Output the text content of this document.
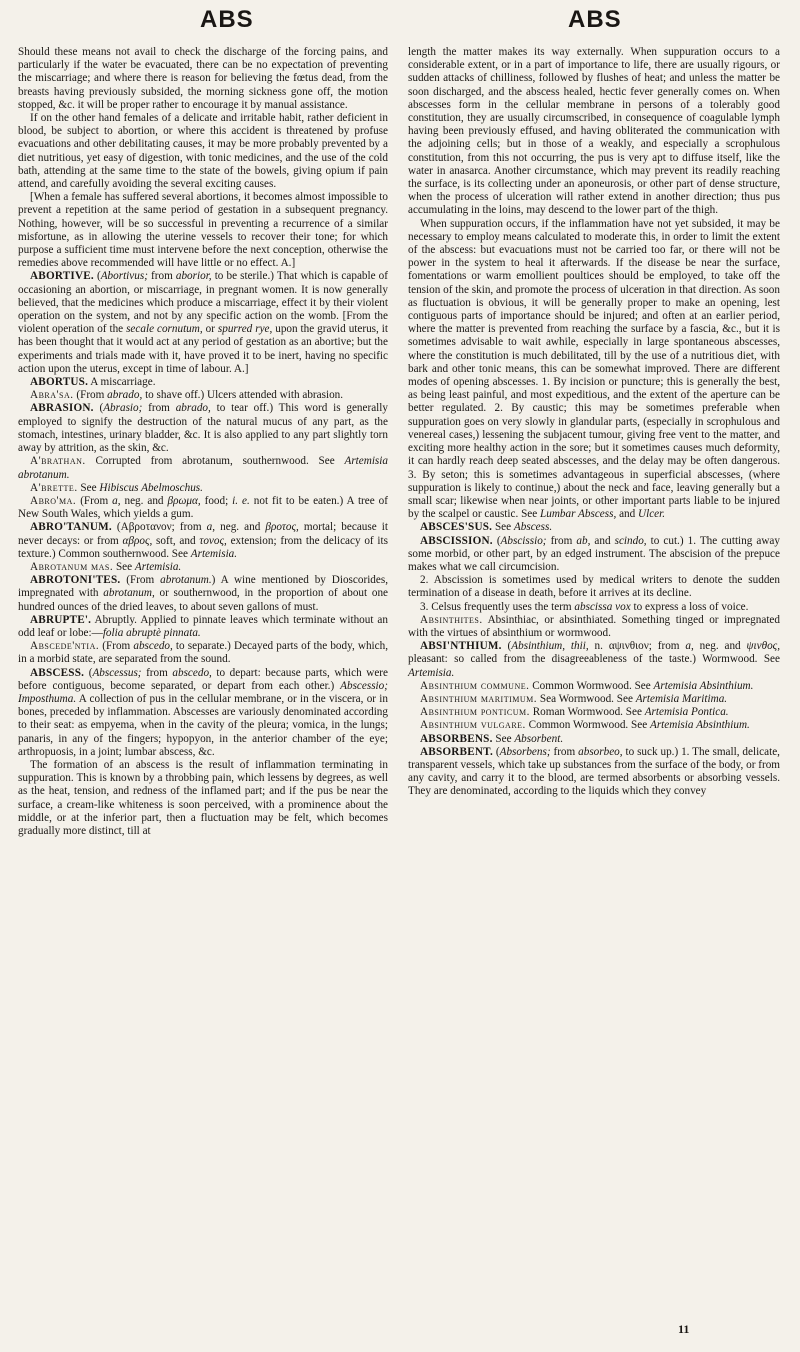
ABS	ABS

Should these means not avail to check the discharge of the forcing pains, and particularly if the water be evacuated, there can be no expectation of preventing the miscarriage; and where there is reason for believing the fœtus dead, from the breasts having previously subsided, the morning sickness gone off, the motion stopped, &c. it will be proper rather to encourage it by manual assistance.

If on the other hand females of a delicate and irritable habit, rather deficient in blood, be subject to abortion, or where this accident is threatened by profuse evacuations and other debilitating causes, it may be more probably prevented by a diet nutritious, yet easy of digestion, with tonic medicines, and the use of the cold bath, attending at the same time to the state of the bowels, giving opium if pain attend, and carefully avoiding the several exciting causes.

[When a female has suffered several abortions, it becomes almost impossible to prevent a repetition at the same period of gestation in a subsequent pregnancy. Nothing, however, will be so successful in preventing a recurrence of a similar misfortune, as in allowing the uterine vessels to recover their tone; for which purpose a sufficient time must intervene before the next conception, otherwise the remedies above recommended will have little or no effect. A.]

ABORTIVE. (Abortivus; from aborior, to be sterile.) That which is capable of occasioning an abortion, or miscarriage, in pregnant women. It is now generally believed, that the medicines which produce a miscarriage, effect it by their violent operation on the system, and not by any specific action on the womb. [From the violent operation of the secale cornutum, or spurred rye, upon the gravid uterus, it has been thought that it would act at any period of gestation as an abortive; but the experiments and trials made with it, have proved it to be inert, having no specific action upon the uterus, except in time of labour. A.]

ABORTUS. A miscarriage.

Abra'sa. (From abrado, to shave off.) Ulcers attended with abrasion.

ABRASION. (Abrasio; from abrado, to tear off.) This word is generally employed to signify the destruction of the natural mucus of any part, as the stomach, intestines, urinary bladder, &c. It is also applied to any part slightly torn away by attrition, as the skin, &c.

A'brathan. Corrupted from abrotanum, southernwood. See Artemisia abrotanum.

A'brette. See Hibiscus Abelmoschus.

Abro'ma. (From a, neg. and βρωμα, food; i. e. not fit to be eaten.) A tree of New South Wales, which yields a gum.

ABRO'TANUM. (Αβροτανον; from a, neg. and βροτος, mortal; because it never decays: or from αβρος, soft, and τονος, extension; from the delicacy of its texture.) Common southernwood. See Artemisia.

Abrotanum mas. See Artemisia.

ABROTONI'TES. (From abrotanum.) A wine mentioned by Dioscorides, impregnated with abrotanum, or southernwood, in the proportion of about one hundred ounces of the dried leaves, to about seven gallons of must.

ABRUPTE'. Abruptly. Applied to pinnate leaves which terminate without an odd leaf or lobe:—folia abruptè pinnata.

Abscede'ntia. (From abscedo, to separate.) Decayed parts of the body, which, in a morbid state, are separated from the sound.

ABSCESS. (Abscessus; from abscedo, to depart: because parts, which were before contiguous, become separated, or depart from each other.) Abscessio; Imposthuma. A collection of pus in the cellular membrane, or in the viscera, or in bones, preceded by inflammation. Abscesses are variously denominated according to their seat: as empyema, when in the cavity of the pleura; vomica, in the lungs; panaris, in any of the fingers; hypopyon, in the anterior chamber of the eye; arthropuosis, in a joint; lumbar abscess, &c.

The formation of an abscess is the result of inflammation terminating in suppuration. This is known by a throbbing pain, which lessens by degrees, as well as the heat, tension, and redness of the inflamed part; and if the pus be near the surface, a cream-like whiteness is soon perceived, with a prominence about the middle, or at the inferior part, then a fluctuation may be felt, which becomes gradually more distinct, till at

length the matter makes its way externally. When suppuration occurs to a considerable extent, or in a part of importance to life, there are usually rigours, or sudden attacks of chilliness, followed by flushes of heat; and unless the matter be soon discharged, and the abscess healed, hectic fever generally comes on. When abscesses form in the cellular membrane in persons of a tolerably good constitution, they are usually circumscribed, in consequence of coagulable lymph having been previously effused, and having obliterated the communication with the adjoining cells; but in those of a weakly, and especially a scrophulous constitution, from this not occurring, the pus is very apt to diffuse itself, like the water in anasarca. Another circumstance, which may prevent its readily reaching the surface, is its collecting under an aponeurosis, or other part of dense structure, when the process of ulceration will rather extend in another direction; thus pus accumulating in the loins, may descend to the lower part of the thigh.

When suppuration occurs, if the inflammation have not yet subsided, it may be necessary to employ means calculated to moderate this, in order to limit the extent of the abscess: but evacuations must not be carried too far, or there will not be power in the system to heal it afterwards. If the disease be near the surface, fomentations or warm emollient poultices should be employed, to take off the tension of the skin, and promote the process of ulceration in that direction. As soon as fluctuation is obvious, it will be generally proper to make an opening, lest contiguous parts of importance should be injured; and often at an earlier period, where the matter is prevented from reaching the surface by a fascia, &c., but it is sometimes advisable to wait awhile, especially in large spontaneous abscesses, where the constitution is much debilitated, till by the use of a nutritious diet, with bark and other tonic means, this can be somewhat improved. There are different modes of opening abscesses. 1. By incision or puncture; this is generally the best, as being least painful, and most expeditious, and the extent of the aperture can be better regulated. 2. By caustic; this may be sometimes preferable when suppuration goes on very slowly in glandular parts, (especially in scrophulous and venereal cases,) lessening the subjacent tumour, giving free vent to the matter, and exciting more healthy action in the sore; but it sometimes causes much deformity, it can hardly reach deep seated abscesses, and the delay may be often dangerous. 3. By seton; this is sometimes advantageous in superficial abscesses, (where suppuration is likely to continue,) about the neck and face, leaving generally but a small scar; likewise when near joints, or other important parts liable to be injured by the scalpel or caustic. See Lumbar Abscess, and Ulcer.

ABSCES'SUS. See Abscess.

ABSCISSION. (Abscissio; from ab, and scindo, to cut.) 1. The cutting away some morbid, or other part, by an edged instrument. The abscision of the prepuce makes what we call circumcision.

2. Abscission is sometimes used by medical writers to denote the sudden termination of a disease in death, before it arrives at its decline.

3. Celsus frequently uses the term abscissa vox to express a loss of voice.

Absinthites. Absinthiac, or absinthiated. Something tinged or impregnated with the virtues of absinthium or wormwood.

ABSI'NTHIUM. (Absinthium, thii, n. αψινθιον; from a, neg. and ψινθος, pleasant: so called from the disagreeableness of the taste.) Wormwood. See Artemisia.

Absinthium commune. Common Wormwood. See Artemisia Absinthium.

Absinthium maritimum. Sea Wormwood. See Artemisia Maritima.

Absinthium ponticum. Roman Wormwood. See Artemisia Pontica.

Absinthium vulgare. Common Wormwood. See Artemisia Absinthium.

ABSORBENS. See Absorbent.

ABSORBENT. (Absorbens; from absorbeo, to suck up.) 1. The small, delicate, transparent vessels, which take up substances from the surface of the body, or from any cavity, and carry it to the blood, are termed absorbents or absorbing vessels. They are denominated, according to the liquids which they convey

11
